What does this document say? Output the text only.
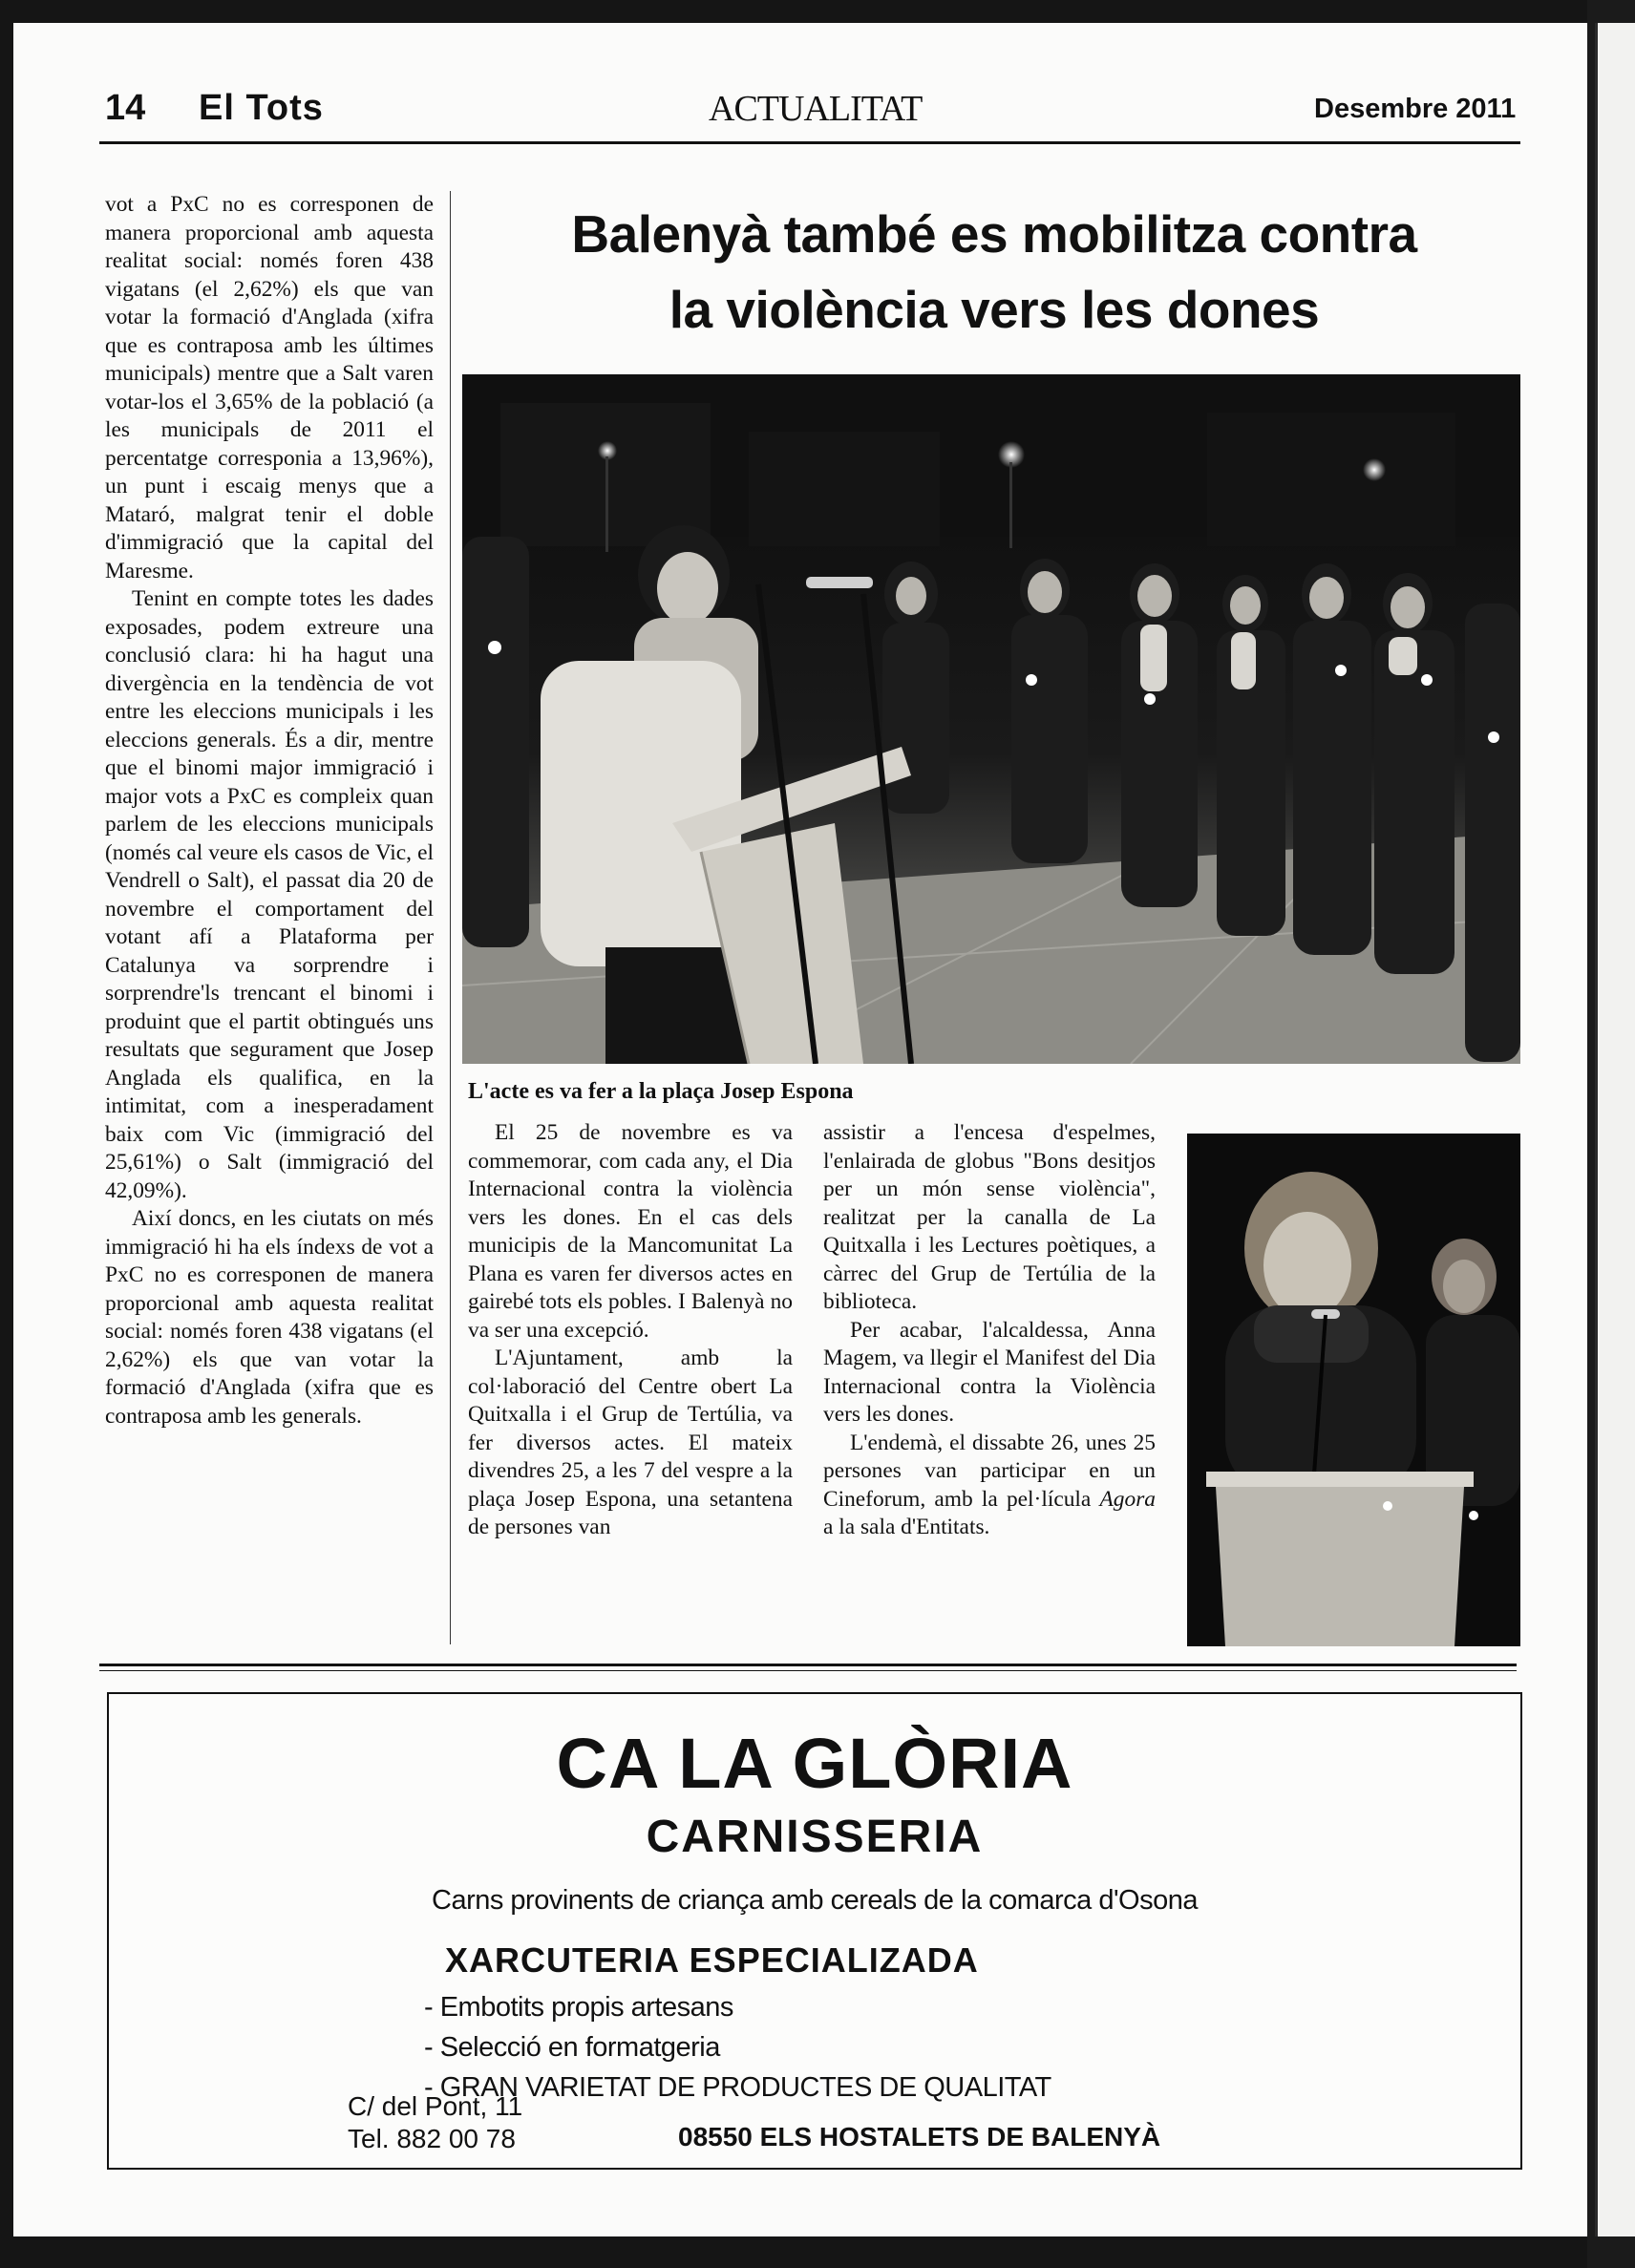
14 El Tots	ACTUALITAT	Desembre 2011

vot a PxC no es corresponen de manera proporcional amb aquesta realitat social: només foren 438 vigatans (el 2,62%) els que van votar la formació d'Anglada (xifra que es contraposa amb les últimes municipals) mentre que a Salt varen votar-los el 3,65% de la població (a les municipals de 2011 el percentatge corresponia a 13,96%), un punt i escaig menys que a Mataró, malgrat tenir el doble d'immigració que la capital del Maresme.

Tenint en compte totes les dades exposades, podem extreure una conclusió clara: hi ha hagut una divergència en la tendència de vot entre les eleccions municipals i les eleccions generals. És a dir, mentre que el binomi major immigració i major vots a PxC es compleix quan parlem de les eleccions municipals (només cal veure els casos de Vic, el Vendrell o Salt), el passat dia 20 de novembre el comportament del votant afí a Plataforma per Catalunya va sorprendre i sorprendre'ls trencant el binomi i produint que el partit obtingués uns resultats que segurament que Josep Anglada els qualifica, en la intimitat, com a inesperadament baix com Vic (immigració del 25,61%) o Salt (immigració del 42,09%).

Així doncs, en les ciutats on més immigració hi ha els índexs de vot a PxC no es corresponen de manera proporcional amb aquesta realitat social: només foren 438 vigatans (el 2,62%) els que van votar la formació d'Anglada (xifra que es contraposa amb les generals.

Balenyà també es mobilitza contra
la violència vers les dones
L'acte es va fer a la plaça Josep Espona

El 25 de novembre es va commemorar, com cada any, el Dia Internacional contra la violència vers les dones. En el cas dels municipis de la Mancomunitat La Plana es varen fer diversos actes en gairebé tots els pobles. I Balenyà no va ser una excepció.

L'Ajuntament, amb la col·laboració del Centre obert La Quitxalla i el Grup de Tertúlia, va fer diversos actes. El mateix divendres 25, a les 7 del vespre a la plaça Josep Espona, una setantena de persones van

assistir a l'encesa d'espelmes, l'enlairada de globus "Bons desitjos per un món sense violència", realitzat per la canalla de La Quitxalla i les Lectures poètiques, a càrrec del Grup de Tertúlia de la biblioteca.

Per acabar, l'alcaldessa, Anna Magem, va llegir el Manifest del Dia Internacional contra la Violència vers les dones.

L'endemà, el dissabte 26, unes 25 persones van participar en un Cineforum, amb la pel·lícula Agora a la sala d'Entitats.

CA LA GLÒRIA
CARNISSERIA
Carns provinents de criança amb cereals de la comarca d'Osona
XARCUTERIA ESPECIALIZADA
- Embotits propis artesans
- Selecció en formatgeria
- GRAN VARIETAT DE PRODUCTES DE QUALITAT
C/ del Pont, 11
Tel. 882 00 78	08550 ELS HOSTALETS DE BALENYÀ
